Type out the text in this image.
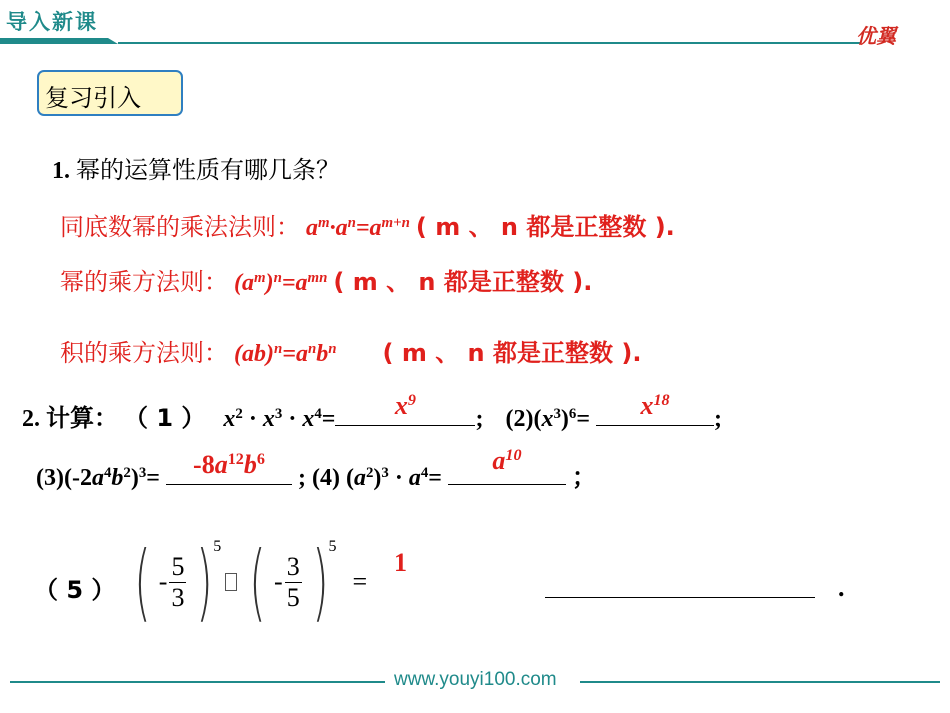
导入新课
优翼
复习引入
1. 幂的运算性质有哪几条？
同底数幂的乘法法则： $a^m\cdot a^n=a^{m+n}$ ( m 、 n 都是正整数 ).
幂的乘方法则： $(a^m)^n=a^{mn}$ ( m 、 n 都是正整数 ).
积的乘方法则： $(ab)^n=a^nb^n$ ( m 、 n 都是正整数 ).
2. 计算： （ 1 ） $x^2 \cdot x^3 \cdot x^4=$	$x^9$
; $(2)(x^3)^6=$	$x^{18}$
;
$(3)(-2a^4b^2)^3=$	$-8a^{12}b^6$
; (4) $(a^2)^3 \cdot a^4=$
$a^{10}$
；
（ 5 ） ( - $\frac{5}{3}$ ) 5 ( - $\frac{3}{5}$ ) 5
=
1
.
www.youyi100.com
